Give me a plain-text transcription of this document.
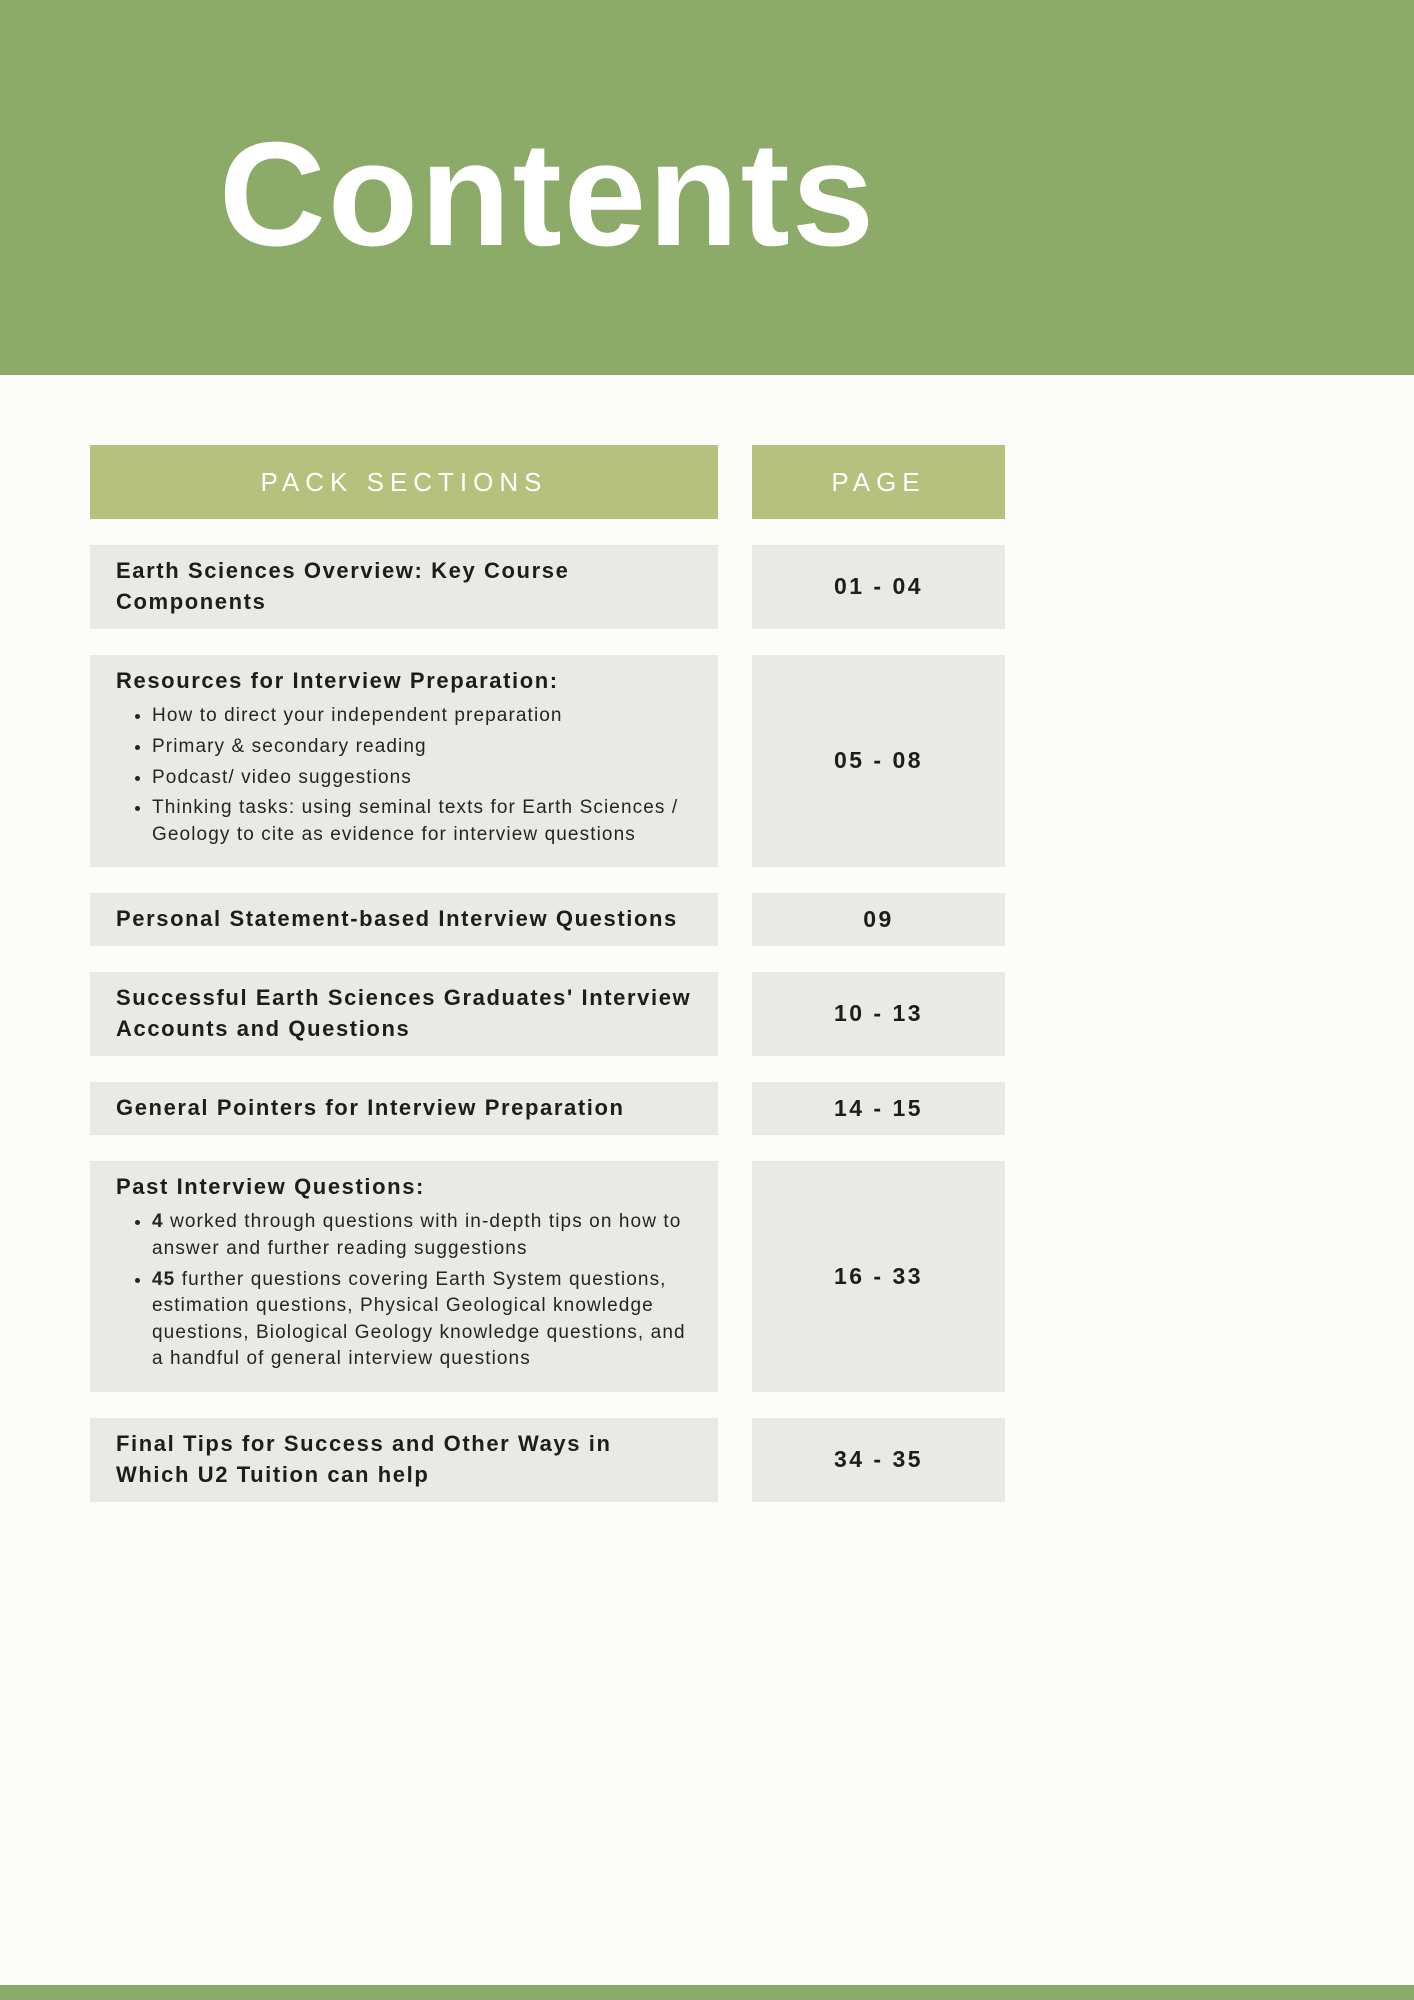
Contents
PACK SECTIONS	PAGE
Earth Sciences Overview: Key Course Components
01 - 04
Resources for Interview Preparation:
• How to direct your independent preparation
• Primary & secondary reading
• Podcast/ video suggestions
• Thinking tasks: using seminal texts for Earth Sciences / Geology to cite as evidence for interview questions
05 - 08
Personal Statement-based Interview Questions	09
Successful Earth Sciences Graduates' Interview Accounts and Questions
10 - 13
General Pointers for Interview Preparation	14 - 15
Past Interview Questions:
• 4 worked through questions with in-depth tips on how to answer and further reading suggestions
• 45 further questions covering Earth System questions, estimation questions, Physical Geological knowledge questions, Biological Geology knowledge questions, and a handful of general interview questions
16 - 33
Final Tips for Success and Other Ways in Which U2 Tuition can help
34 - 35
